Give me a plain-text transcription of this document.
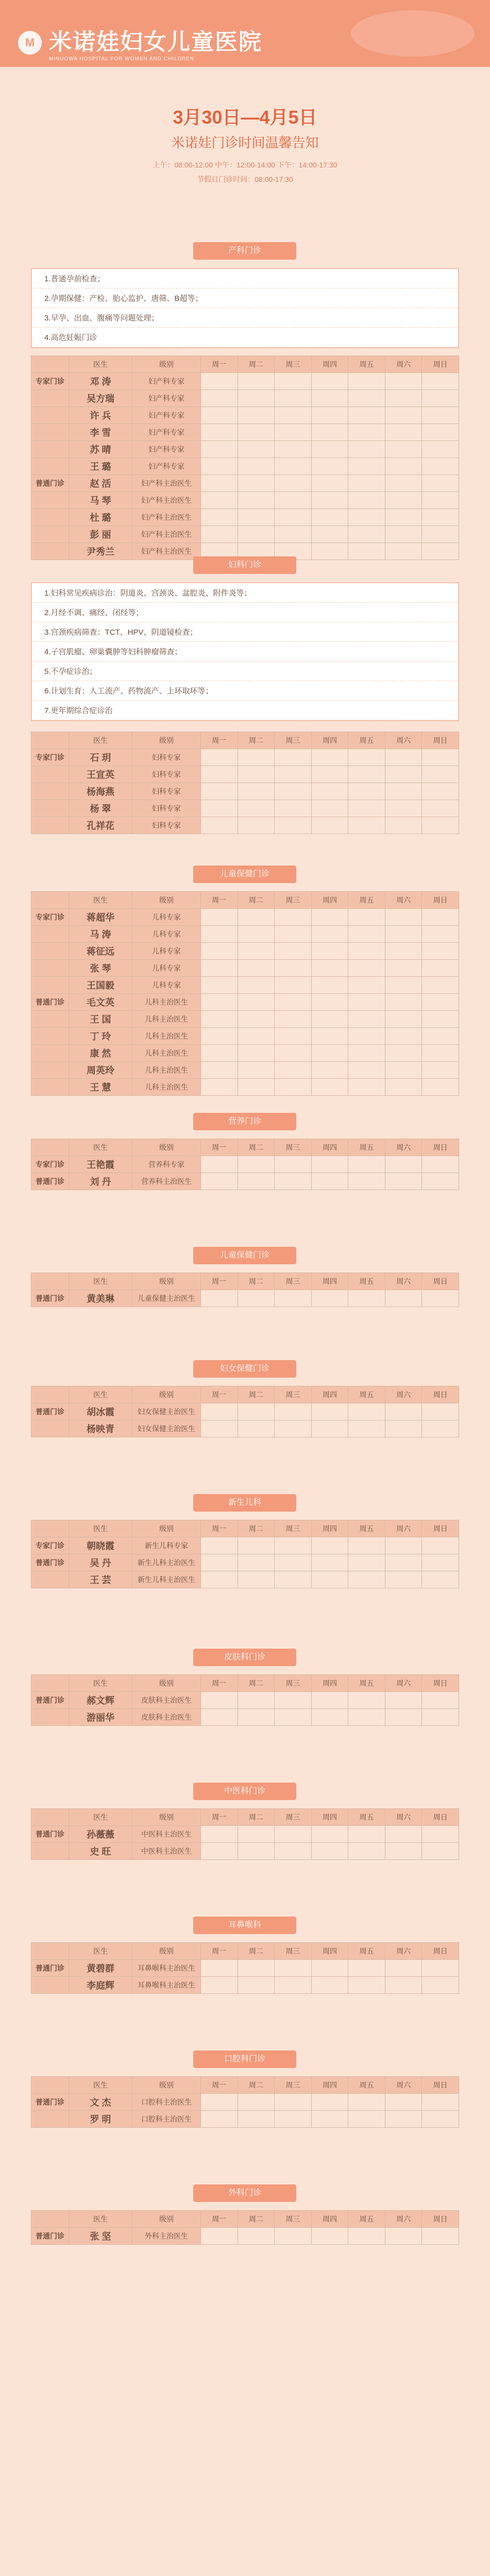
M 米诺娃妇女儿童医院
MINUOWA HOSPITAL FOR WOMEN AND CHILDREN
3月30日—4月5日
米诺娃门诊时间温馨告知
上午：08:00-12:00 中午：12:00-14:00 下午：14:00-17:30
节假日门诊时间：08:00-17:30
产科门诊
1.普通孕前检查；
2.孕期保健：产检、胎心监护、唐筛、B超等；
3.早孕、出血、腹痛等问题处理；
4.高危妊娠门诊
	医生	级别	周一	周二	周三	周四	周五	周六	周日
专家门诊	邓 涛	妇产科专家							
	吴方瑞	妇产科专家							
	许 兵	妇产科专家							
	李 雪	妇产科专家							
	苏 晴	妇产科专家							
	王 璐	妇产科专家							
普通门诊	赵 活	妇产科主治医生							
	马 琴	妇产科主治医生							
	杜 璐	妇产科主治医生							
	彭 丽	妇产科主治医生							
	尹秀兰	妇产科主治医生							
妇科门诊
1.妇科常见疾病诊治：阴道炎、宫颈炎、盆腔炎、附件炎等；
2.月经不调、痛经、闭经等；
3.宫颈疾病筛查：TCT、HPV、阴道镜检查；
4.子宫肌瘤、卵巢囊肿等妇科肿瘤筛查；
5.不孕症诊治；
6.计划生育：人工流产、药物流产、上环取环等；
7.更年期综合症诊治
	医生	级别	周一	周二	周三	周四	周五	周六	周日
专家门诊	石 玥	妇科专家							
	王宣英	妇科专家							
	杨海燕	妇科专家							
	杨 翠	妇科专家							
	孔祥花	妇科专家							
儿童保健门诊
	医生	级别	周一	周二	周三	周四	周五	周六	周日
专家门诊	蒋超华	儿科专家							
	马 涛	儿科专家							
	蒋征远	儿科专家							
	张 琴	儿科专家							
	王国毅	儿科专家							
普通门诊	毛文英	儿科主治医生							
	王 国	儿科主治医生							
	丁 玲	儿科主治医生							
	康 然	儿科主治医生							
	周英玲	儿科主治医生							
	王 慧	儿科主治医生							
营养门诊
	医生	级别	周一	周二	周三	周四	周五	周六	周日
专家门诊	王艳霞	营养科专家							
普通门诊	刘 丹	营养科主治医生							
儿童保健门诊
	医生	级别	周一	周二	周三	周四	周五	周六	周日
普通门诊	黄美琳	儿童保健主治医生							
妇女保健门诊
	医生	级别	周一	周二	周三	周四	周五	周六	周日
普通门诊	胡冰霞	妇女保健主治医生							
	杨映青	妇女保健主治医生							
新生儿科
	医生	级别	周一	周二	周三	周四	周五	周六	周日
专家门诊	朝晓霞	新生儿科专家							
普通门诊	吴 丹	新生儿科主治医生							
	王 芸	新生儿科主治医生							
皮肤科门诊
	医生	级别	周一	周二	周三	周四	周五	周六	周日
普通门诊	郝文辉	皮肤科主治医生							
	游丽华	皮肤科主治医生							
中医科门诊
	医生	级别	周一	周二	周三	周四	周五	周六	周日
普通门诊	孙薇薇	中医科主治医生							
	史 旺	中医科主治医生							
耳鼻喉科
	医生	级别	周一	周二	周三	周四	周五	周六	周日
普通门诊	黄碧群	耳鼻喉科主治医生							
	李庭辉	耳鼻喉科主治医生							
口腔科门诊
	医生	级别	周一	周二	周三	周四	周五	周六	周日
普通门诊	文 杰	口腔科主治医生							
	罗 明	口腔科主治医生							
外科门诊
	医生	级别	周一	周二	周三	周四	周五	周六	周日
普通门诊	张 坚	外科主治医生							
